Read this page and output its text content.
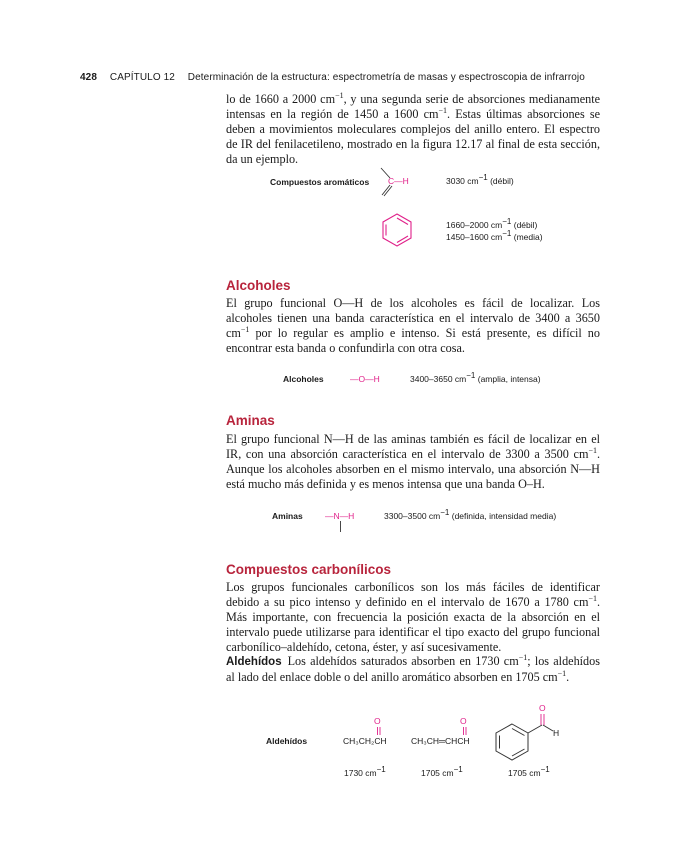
428 CAPÍTULO 12 Determinación de la estructura: espectrometría de masas y espectroscopia de infrarrojo
lo de 1660 a 2000 $cm^{-1}$, y una segunda serie de absorciones medianamente intensas en la región de 1450 a 1600 $cm^{-1}$. Estas últimas absorciones se deben a movimientos moleculares complejos del anillo entero. El espectro de IR del fenilacetileno, mostrado en la figura 12.17 al final de esta sección, da un ejemplo.
Compuestos aromáticos C—H	3030 $cm^{-1}$ (débil)
1660–2000 $cm^{-1}$ (débil)
1450–1600 $cm^{-1}$ (media)
Alcoholes
El grupo funcional O—H de los alcoholes es fácil de localizar. Los alcoholes tienen una banda característica en el intervalo de 3400 a 3650 $cm^{-1}$ por lo regular es amplio e intenso. Si está presente, es difícil no encontrar esta banda o confundirla con otra cosa.
Alcoholes	—O—H	3400–3650 $cm^{-1}$ (amplia, intensa)
Aminas
El grupo funcional N—H de las aminas también es fácil de localizar en el IR, con una absorción característica en el intervalo de 3300 a 3500 $cm^{-1}$. Aunque los alcoholes absorben en el mismo intervalo, una absorción N—H está mucho más definida y es menos intensa que una banda O–H.
Aminas	—N—H	3300–3500 $cm^{-1}$ (definida, intensidad media)
Compuestos carbonílicos
Los grupos funcionales carbonílicos son los más fáciles de identificar debido a su pico intenso y definido en el intervalo de 1670 a 1780 $cm^{-1}$. Más importante, con frecuencia la posición exacta de la absorción en el intervalo puede utilizarse para identificar el tipo exacto del grupo funcional carbonílico–aldehído, cetona, éster, y así sucesivamente.
Aldehídos Los aldehídos saturados absorben en 1730 $cm^{-1}$; los aldehídos al lado del enlace doble o del anillo aromático absorben en 1705 $cm^{-1}$.
Aldehídos
O
CH₃CH₂CH
O
CH₃CH═CHCH
O
H
1730 $cm^{-1}$	1705 $cm^{-1}$	1705 $cm^{-1}$
